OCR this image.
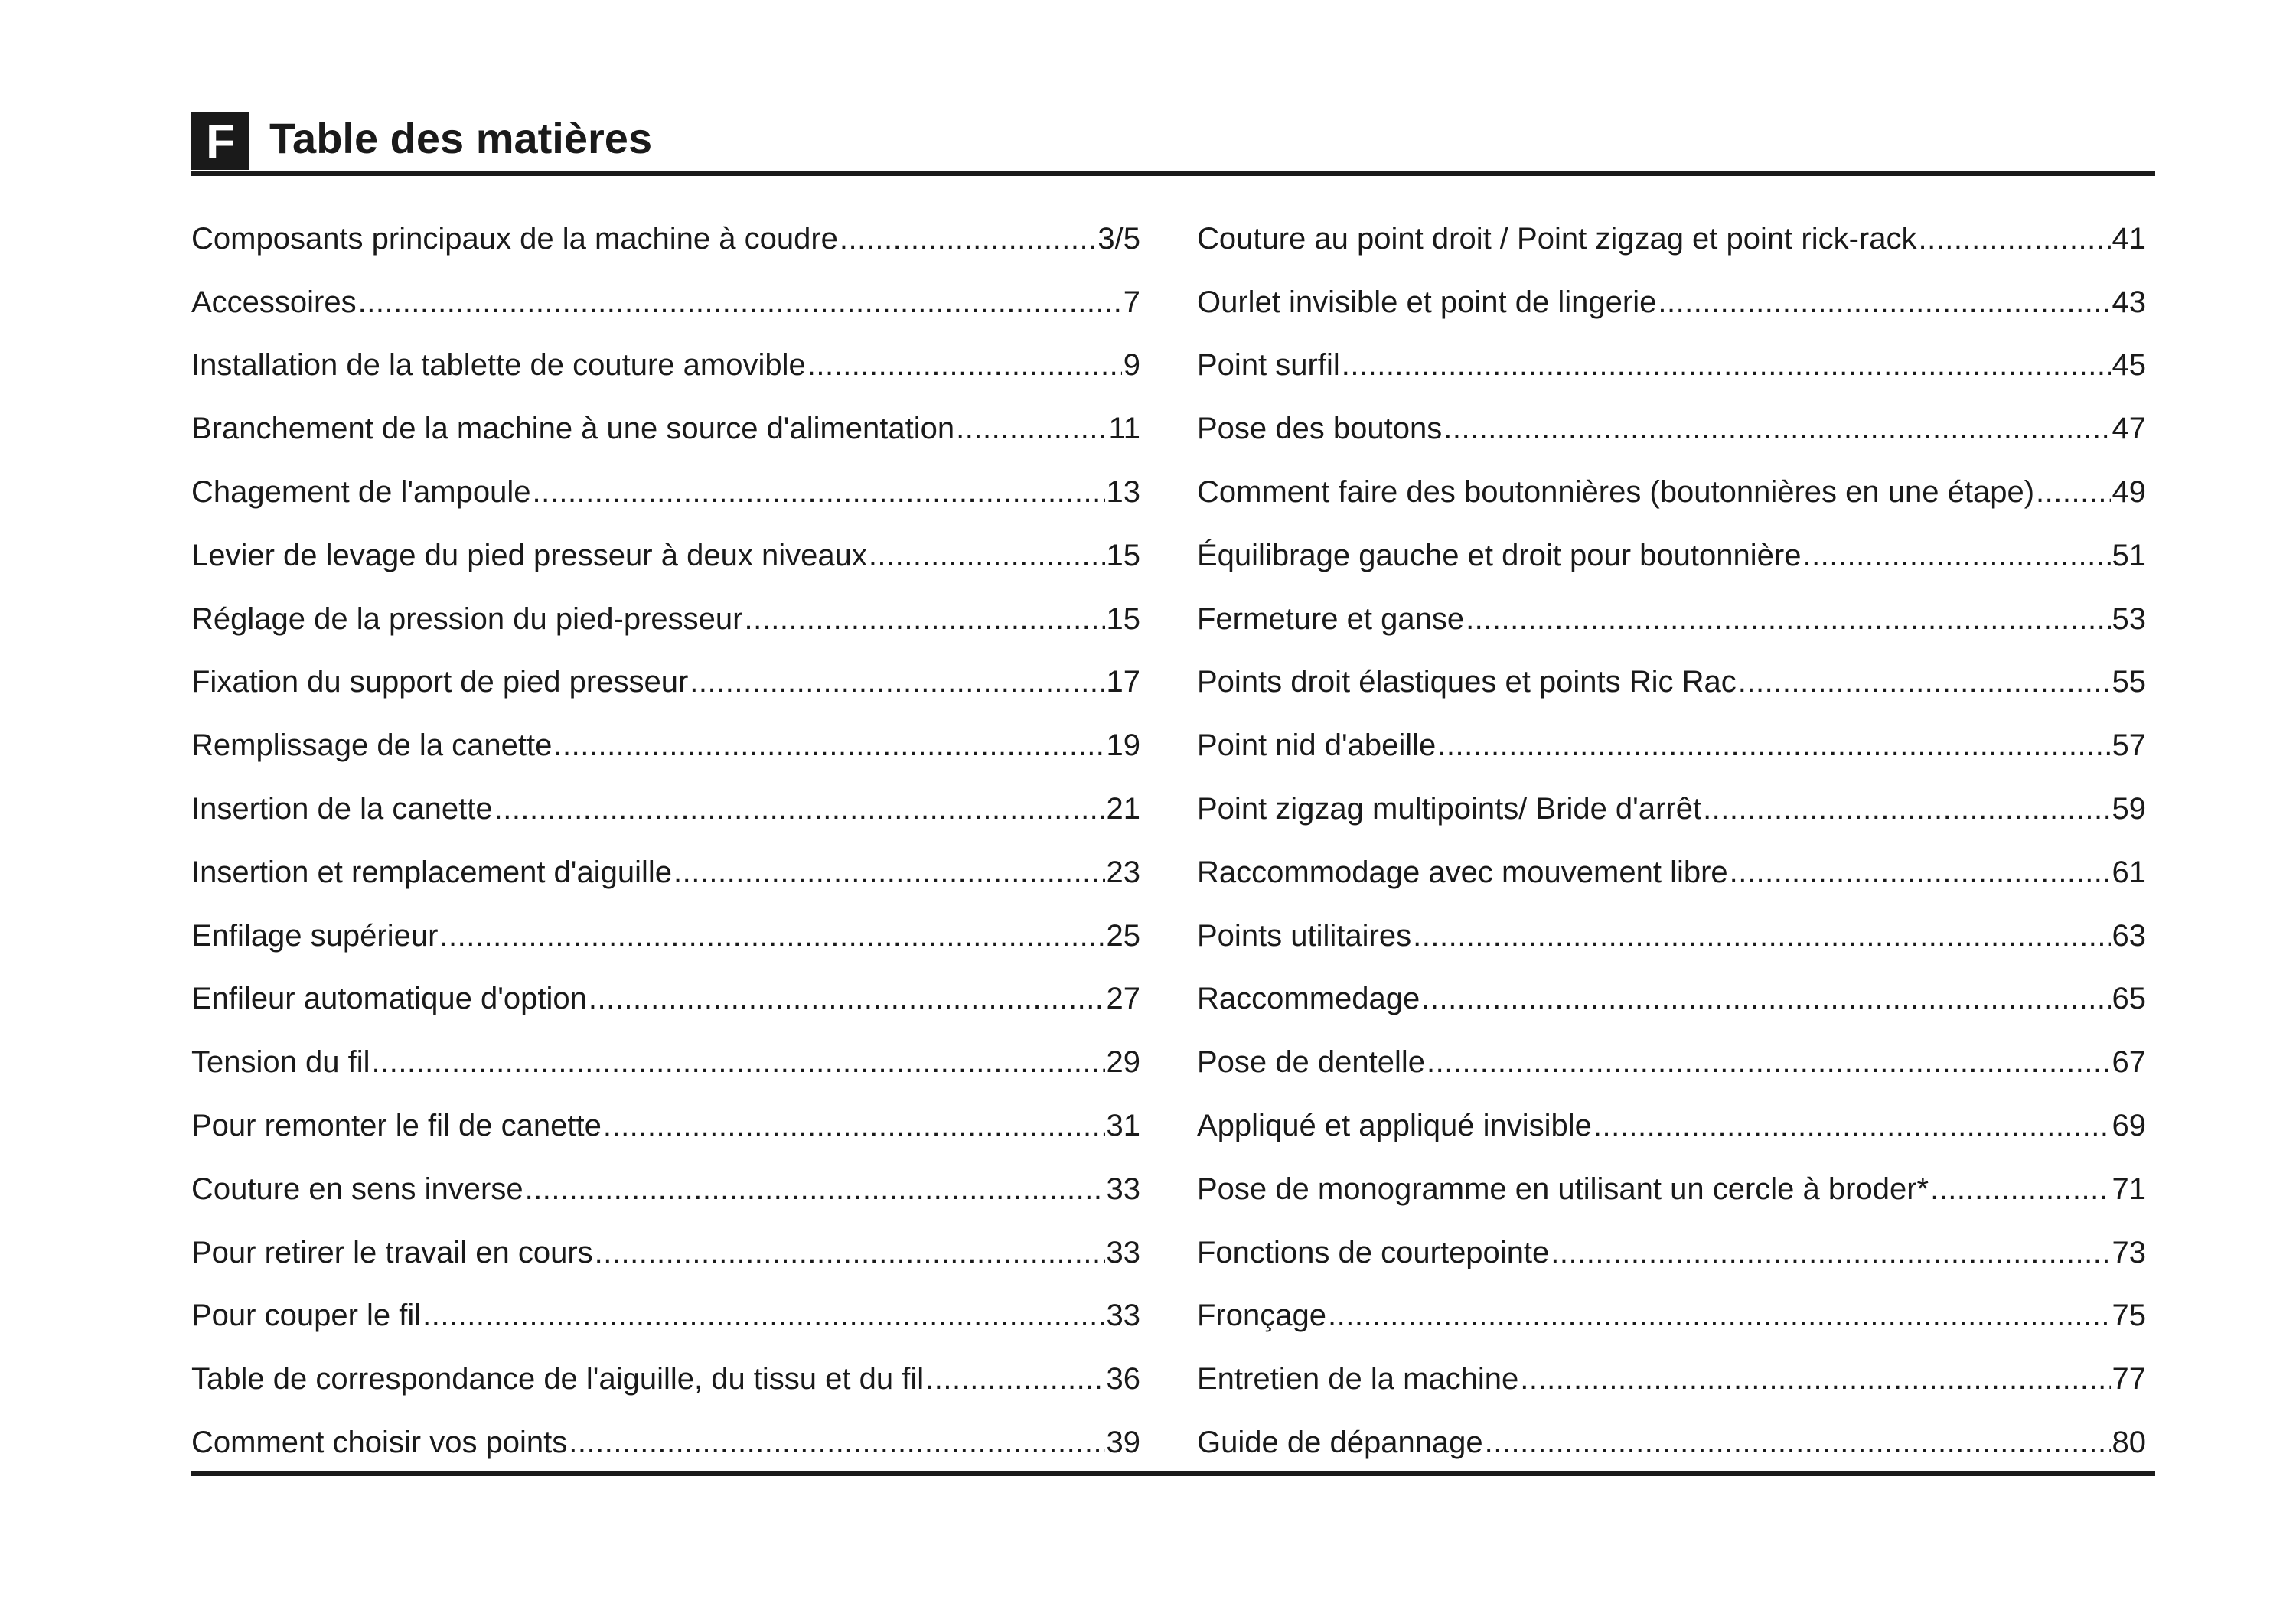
F Table des matières
Composants principaux de la machine à coudre .....	3/5
Accessoires .....	7
Installation de la tablette de couture amovible .....	9
Branchement de la machine à une source d'alimentation .....	11
Chagement de l'ampoule .....	13
Levier de levage du pied presseur à deux niveaux .....	15
Réglage de la pression du pied-presseur .....	15
Fixation du support de pied presseur .....	17
Remplissage de la canette .....	19
Insertion de la canette .....	21
Insertion et remplacement d'aiguille .....	23
Enfilage supérieur .....	25
Enfileur automatique d'option .....	27
Tension du fil .....	29
Pour remonter le fil de canette .....	31
Couture en sens inverse .....	33
Pour retirer le travail en cours .....	33
Pour couper le fil .....	33
Table de correspondance de l'aiguille, du tissu et du fil .....	36
Comment choisir vos points .....	39
Couture au point droit / Point zigzag et point rick-rack .....	41
Ourlet invisible et point de lingerie .....	43
Point surfil .....	45
Pose des boutons .....	47
Comment faire des boutonnières (boutonnières en une étape) .....	49
Équilibrage gauche et droit pour boutonnière .....	51
Fermeture et ganse .....	53
Points droit élastiques et points Ric Rac .....	55
Point nid d'abeille .....	57
Point zigzag multipoints/ Bride d'arrêt .....	59
Raccommodage avec mouvement libre .....	61
Points utilitaires .....	63
Raccommedage .....	65
Pose de dentelle .....	67
Appliqué et appliqué invisible .....	69
Pose de monogramme en utilisant un cercle à broder* .....	71
Fonctions de courtepointe .....	73
Fronçage .....	75
Entretien de la machine .....	77
Guide de dépannage .....	80
